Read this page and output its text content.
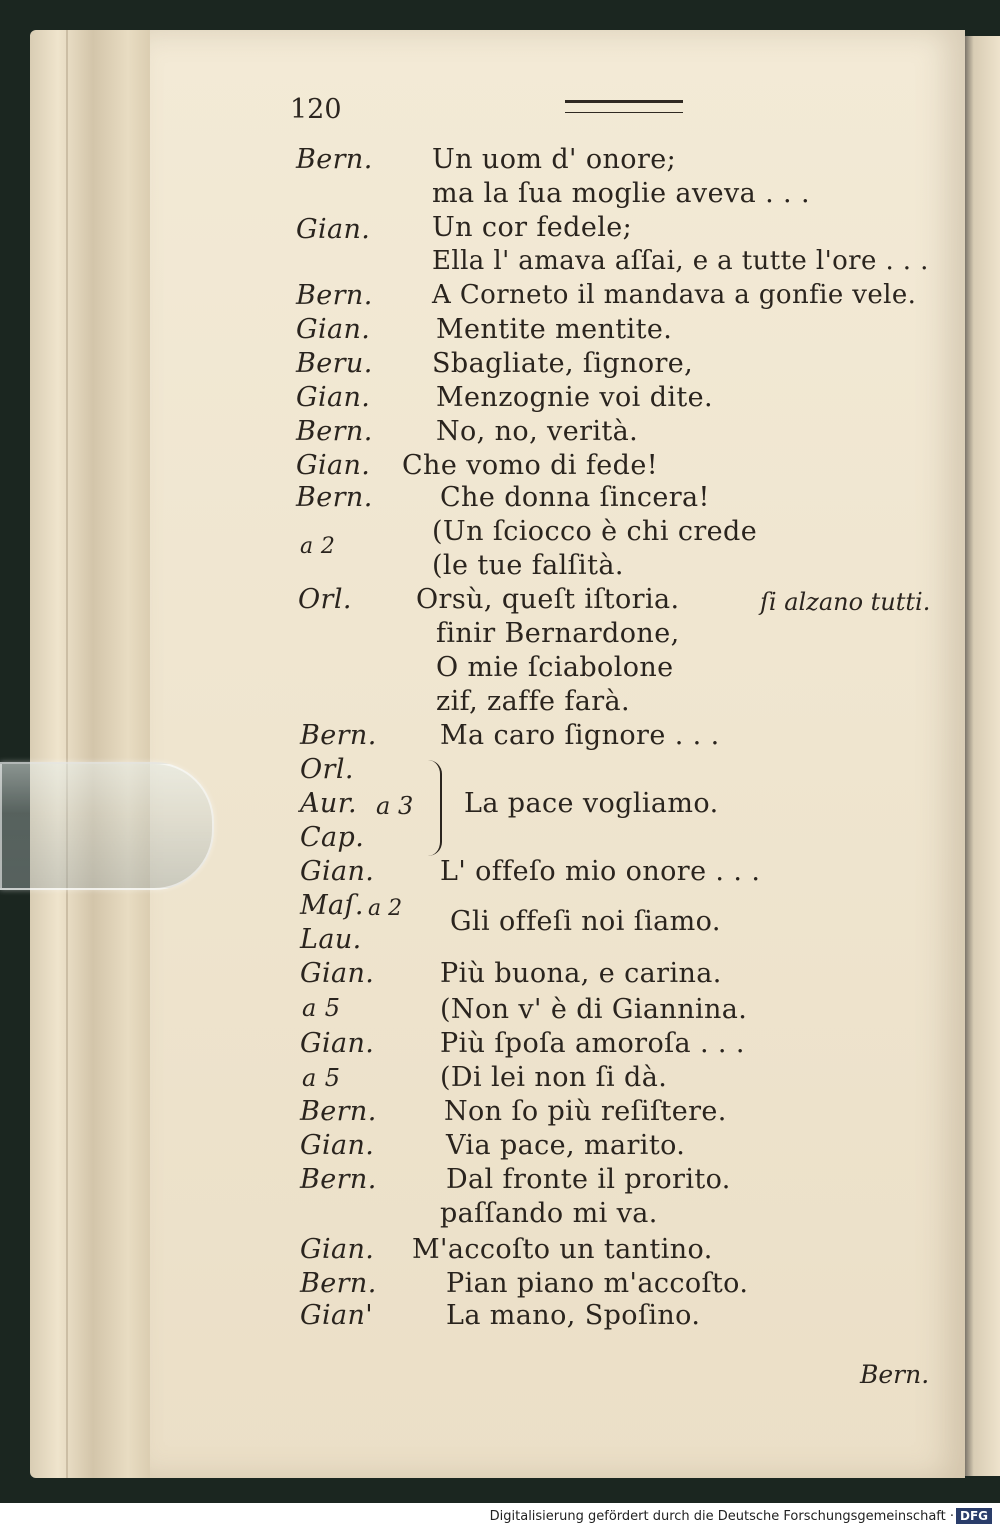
120
Bern.
Gian.
Bern.
Gian.
Beru.
Gian.
Bern.
Gian.
Bern.
a 2
Orl.
Bern.
Orl.
Aur.
Cap.
Gian.
Maſ.
Lau.
Gian.
a 5
Gian.
a 5
Bern.
Gian.
Bern.
Gian.
Bern.
Gian'
Un uom d' onore;
ma la ſua moglie aveva . . .
Un cor fedele;
Ella l' amava aſſai, e a tutte l'ore . . .
A Corneto il mandava a gonfie vele.
Mentite mentite.
Sbagliate, ſignore,
Menzognie voi dite.
No, no, verità.
Che vomo di fede!
Che donna ſincera!
(Un ſciocco è chi crede
(le tue falſità.
Orsù, queſt iſtoria.
finir Bernardone,
O mie ſciabolone
zif, zaffe farà.
Ma caro ſignore . . .
La pace vogliamo.
L' offeſo mio onore . . .
Gli offeſi noi ſiamo.
Più buona, e carina.
(Non v' è di Giannina.
Più ſpoſa amoroſa . . .
(Di lei non ſi dà.
Non ſo più reſiſtere.
Via pace, marito.
Dal fronte il prorito.
paſſando mi va.
M'accoſto un tantino.
Pian piano m'accoſto.
La mano, Spoſino.
a 3
a 2
ſi alzano tutti.
Bern.
Digitalisierung gefördert durch die Deutsche Forschungsgemeinschaft · DFG
